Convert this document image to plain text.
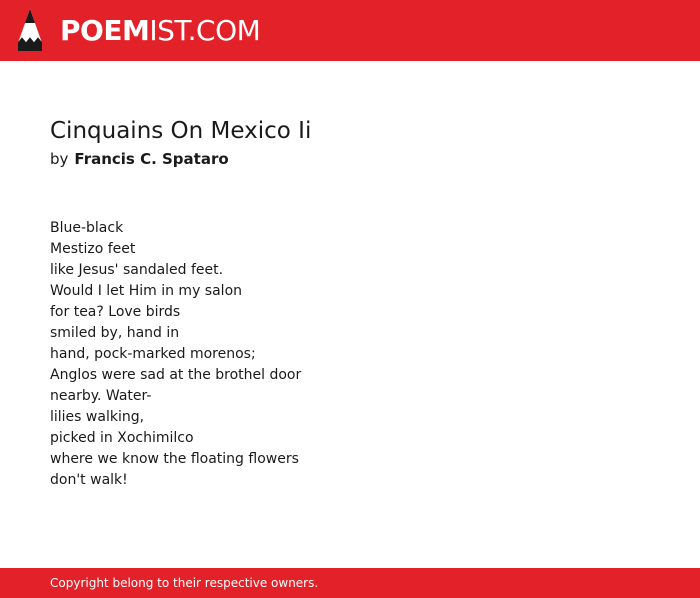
POEMIST.COM
Cinquains On Mexico Ii
by Francis C. Spataro
Blue-black
Mestizo feet
like Jesus' sandaled feet.
Would I let Him in my salon
for tea? Love birds
smiled by, hand in
hand, pock-marked morenos;
Anglos were sad at the brothel door
nearby. Water-
lilies walking,
picked in Xochimilco
where we know the floating flowers
don't walk!
Copyright belong to their respective owners.
